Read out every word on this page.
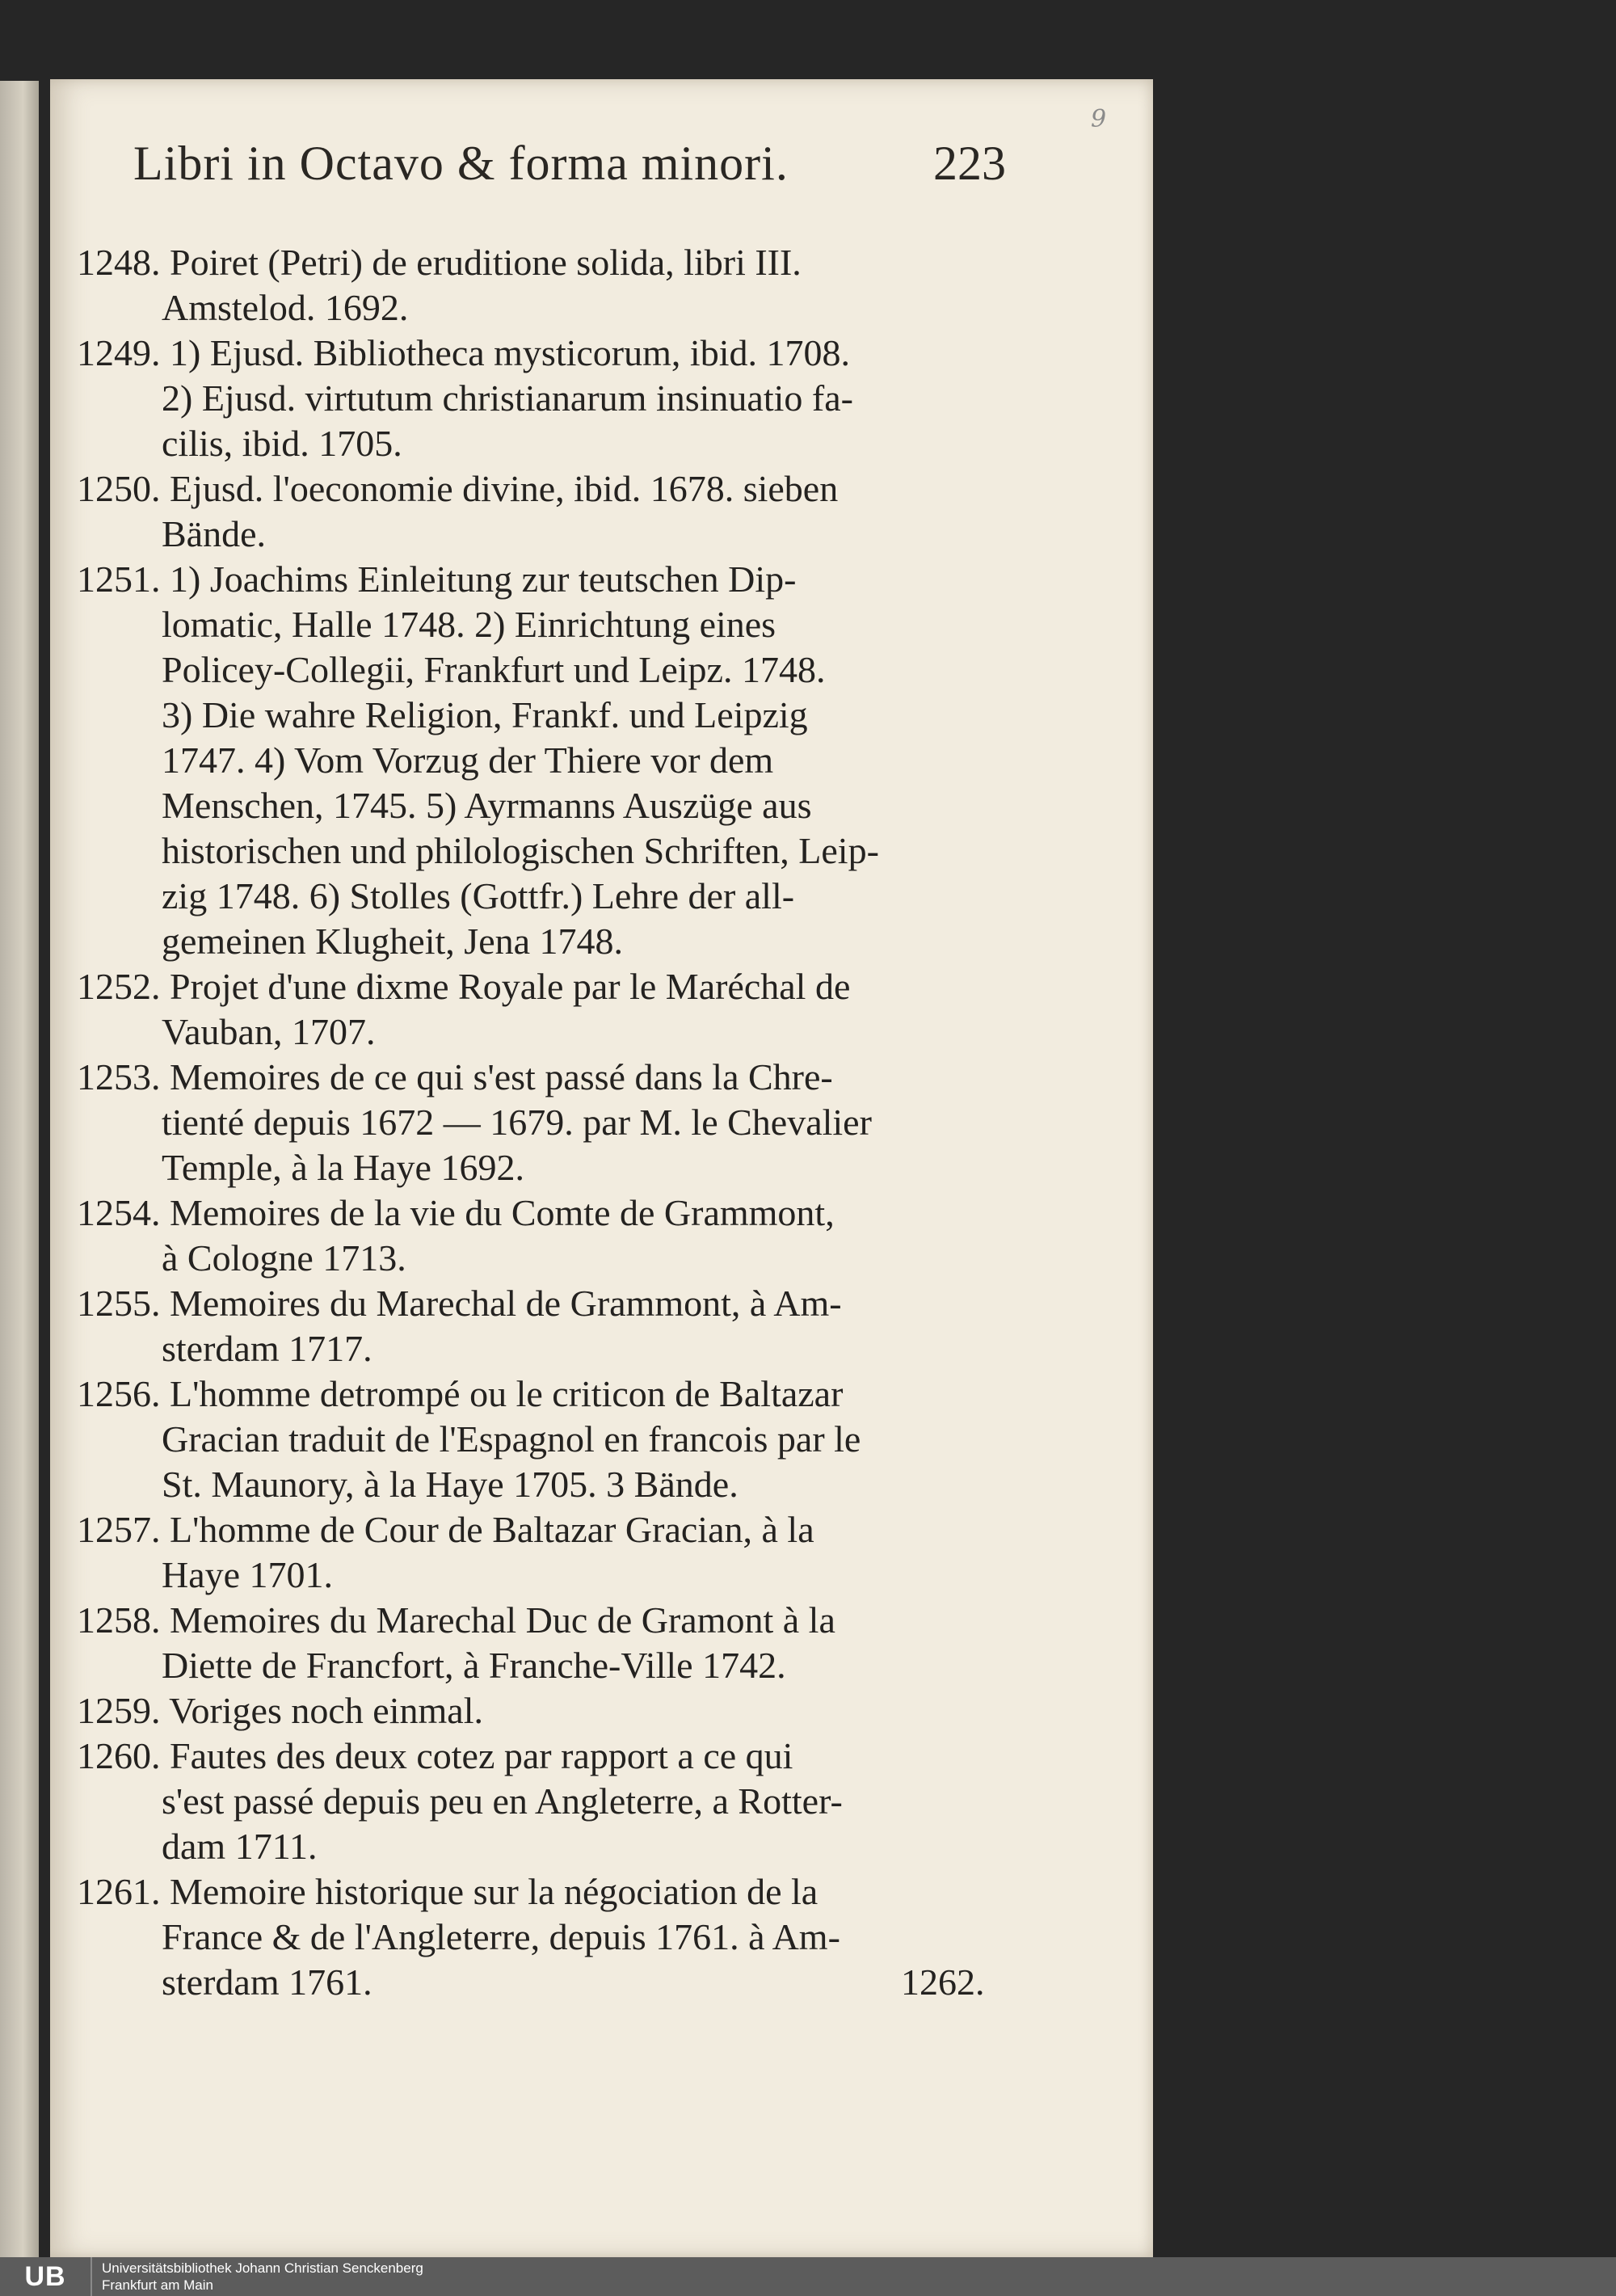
9
Libri in Octavo & forma minori.	223
1248. Poiret (Petri) de eruditione solida, libri III.
Amstelod. 1692.
1249. 1) Ejusd. Bibliotheca mysticorum, ibid. 1708.
2) Ejusd. virtutum christianarum insinuatio fa-
cilis, ibid. 1705.
1250. Ejusd. l'oeconomie divine, ibid. 1678. sieben
Bände.
1251. 1) Joachims Einleitung zur teutschen Dip-
lomatic, Halle 1748. 2) Einrichtung eines
Policey-Collegii, Frankfurt und Leipz. 1748.
3) Die wahre Religion, Frankf. und Leipzig
1747. 4) Vom Vorzug der Thiere vor dem
Menschen, 1745. 5) Ayrmanns Auszüge aus
historischen und philologischen Schriften, Leip-
zig 1748. 6) Stolles (Gottfr.) Lehre der all-
gemeinen Klugheit, Jena 1748.
1252. Projet d'une dixme Royale par le Maréchal de
Vauban, 1707.
1253. Memoires de ce qui s'est passé dans la Chre-
tienté depuis 1672 — 1679. par M. le Chevalier
Temple, à la Haye 1692.
1254. Memoires de la vie du Comte de Grammont,
à Cologne 1713.
1255. Memoires du Marechal de Grammont, à Am-
sterdam 1717.
1256. L'homme detrompé ou le criticon de Baltazar
Gracian traduit de l'Espagnol en francois par le
St. Maunory, à la Haye 1705. 3 Bände.
1257. L'homme de Cour de Baltazar Gracian, à la
Haye 1701.
1258. Memoires du Marechal Duc de Gramont à la
Diette de Francfort, à Franche-Ville 1742.
1259. Voriges noch einmal.
1260. Fautes des deux cotez par rapport a ce qui
s'est passé depuis peu en Angleterre, a Rotter-
dam 1711.
1261. Memoire historique sur la négociation de la
France & de l'Angleterre, depuis 1761. à Am-
sterdam 1761.	1262.
UB	Universitätsbibliothek Johann Christian Senckenberg
Frankfurt am Main
